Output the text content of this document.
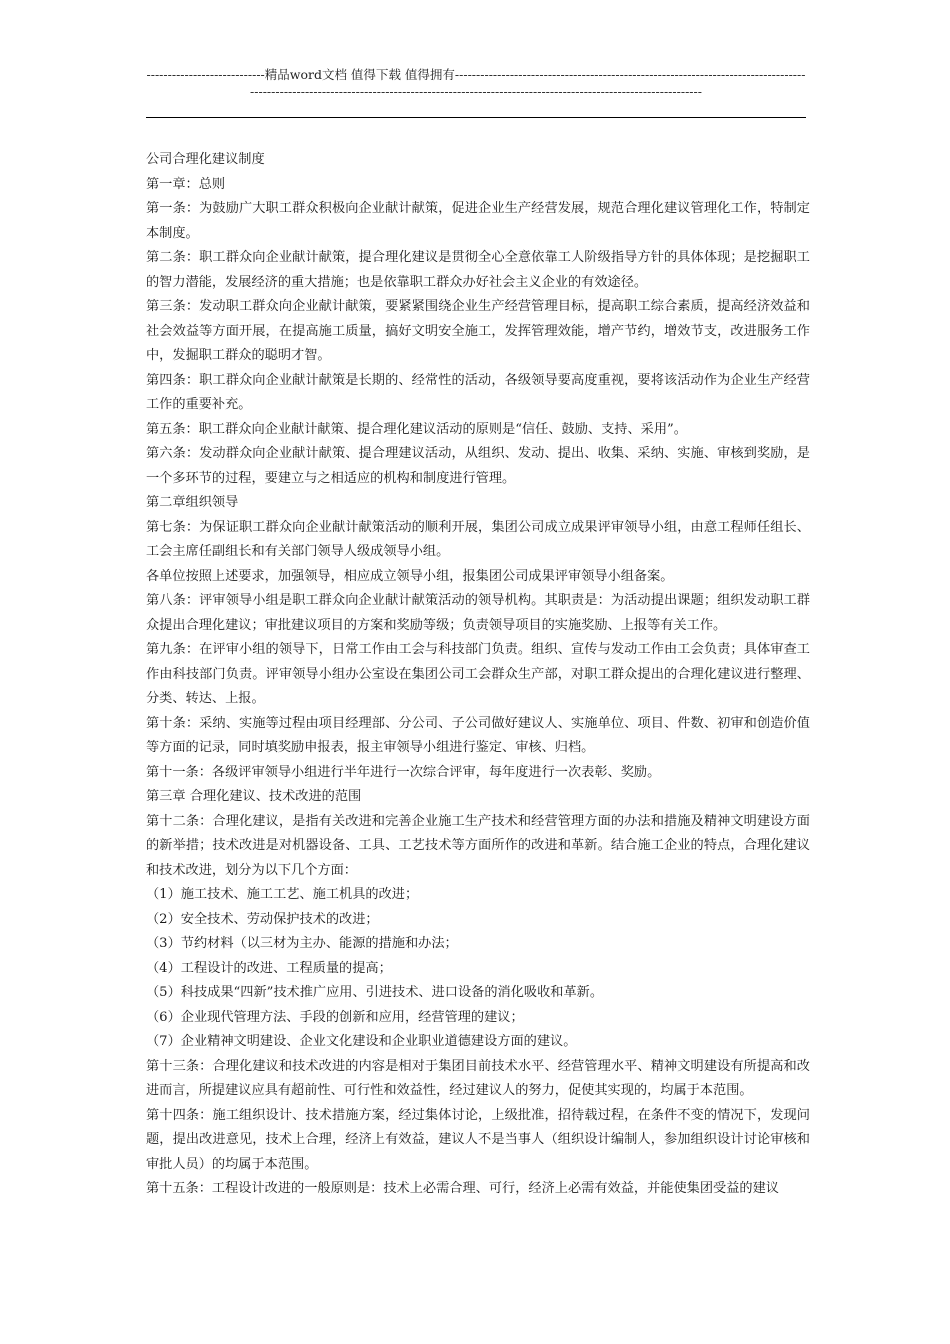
----------------------------精品word文档 值得下载 值得拥有----------------------------------------------------------------------------------------------------------------------------------------------------------------------------------------------

公司合理化建议制度

第一章：总则

第一条：为鼓励广大职工群众积极向企业献计献策，促进企业生产经营发展，规范合理化建议管理化工作，特制定本制度。

第二条：职工群众向企业献计献策，提合理化建议是贯彻全心全意依靠工人阶级指导方针的具体体现；是挖掘职工的智力潜能，发展经济的重大措施；也是依靠职工群众办好社会主义企业的有效途径。

第三条：发动职工群众向企业献计献策，要紧紧围绕企业生产经营管理目标，提高职工综合素质，提高经济效益和社会效益等方面开展，在提高施工质量，搞好文明安全施工，发挥管理效能，增产节约，增效节支，改进服务工作中，发掘职工群众的聪明才智。

第四条：职工群众向企业献计献策是长期的、经常性的活动，各级领导要高度重视，要将该活动作为企业生产经营工作的重要补充。

第五条：职工群众向企业献计献策、提合理化建议活动的原则是“信任、鼓励、支持、采用”。

第六条：发动群众向企业献计献策、提合理建议活动，从组织、发动、提出、收集、采纳、实施、审核到奖励，是一个多环节的过程，要建立与之相适应的机构和制度进行管理。

第二章组织领导

第七条：为保证职工群众向企业献计献策活动的顺利开展，集团公司成立成果评审领导小组，由意工程师任组长、工会主席任副组长和有关部门领导人级成领导小组。

各单位按照上述要求，加强领导，相应成立领导小组，报集团公司成果评审领导小组备案。

第八条：评审领导小组是职工群众向企业献计献策活动的领导机构。其职责是：为活动提出课题；组织发动职工群众提出合理化建议；审批建议项目的方案和奖励等级；负责领导项目的实施奖励、上报等有关工作。

第九条：在评审小组的领导下，日常工作由工会与科技部门负责。组织、宣传与发动工作由工会负责；具体审查工作由科技部门负责。评审领导小组办公室设在集团公司工会群众生产部，对职工群众提出的合理化建议进行整理、分类、转达、上报。

第十条：采纳、实施等过程由项目经理部、分公司、子公司做好建议人、实施单位、项目、件数、初审和创造价值等方面的记录，同时填奖励申报表，报主审领导小组进行鉴定、审核、归档。

第十一条：各级评审领导小组进行半年进行一次综合评审，每年度进行一次表彰、奖励。

第三章 合理化建议、技术改进的范围

第十二条：合理化建议，是指有关改进和完善企业施工生产技术和经营管理方面的办法和措施及精神文明建设方面的新举措；技术改进是对机器设备、工具、工艺技术等方面所作的改进和革新。结合施工企业的特点，合理化建议和技术改进，划分为以下几个方面：

（1）施工技术、施工工艺、施工机具的改进；

（2）安全技术、劳动保护技术的改进；

（3）节约材料（以三材为主办、能源的措施和办法；

（4）工程设计的改进、工程质量的提高；

（5）科技成果“四新”技术推广应用、引进技术、进口设备的消化吸收和革新。

（6）企业现代管理方法、手段的创新和应用，经营管理的建议；

（7）企业精神文明建设、企业文化建设和企业职业道德建设方面的建议。

第十三条：合理化建议和技术改进的内容是相对于集团目前技术水平、经营管理水平、精神文明建设有所提高和改进而言，所提建议应具有超前性、可行性和效益性，经过建议人的努力，促使其实现的，均属于本范围。

第十四条：施工组织设计、技术措施方案，经过集体讨论，上级批准，招待载过程，在条件不变的情况下，发现问题，提出改进意见，技术上合理，经济上有效益，建议人不是当事人（组织设计编制人，参加组织设计讨论审核和审批人员）的均属于本范围。

第十五条：工程设计改进的一般原则是：技术上必需合理、可行，经济上必需有效益，并能使集团受益的建议
